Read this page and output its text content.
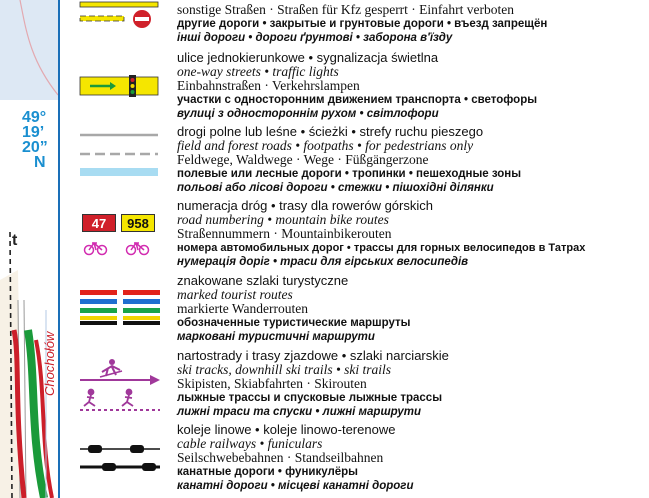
49°
19’
20”
N
t
Chochołów
sonstige Straßen · Straßen für Kfz gesperrt · Einfahrt verboten
другие дороги • закрытые и грунтовые дороги • въезд запрещён
інші дороги • дороги ґрунтові • заборона в'їзду
ulice jednokierunkowe • sygnalizacja świetlna
one-way streets • traffic lights
Einbahnstraßen · Verkehrslampen
участки с односторонним движением транспорта • светофоры
вулиці з одностороннім рухом • світлофори
drogi polne lub leśne • ścieżki • strefy ruchu pieszego
field and forest roads • footpaths • for pedestrians only
Feldwege, Waldwege · Wege · Füßgängerzone
полевые или лесные дороги • тропинки • пешеходные зоны
польові або лісові дороги • стежки • пішохідні ділянки
47	958
numeracja dróg • trasy dla rowerów górskich
road numbering • mountain bike routes
Straßennummern · Mountainbikerouten
номера автомобильных дорог • трассы для горных велосипедов в Татрах
нумерація доріг • траси для гірських велосипедів
znakowane szlaki turystyczne
marked tourist routes
markierte Wanderrouten
обозначенные туристические маршруты
марковані туристичні маршрути
nartostrady i trasy zjazdowe • szlaki narciarskie
ski tracks, downhill ski trails • ski trails
Skipisten, Skiabfahrten · Skirouten
лыжные трассы и спусковые лыжные трассы
лижні траси та спуски • лижні маршрути
koleje linowe • koleje linowo-terenowe
cable railways • funiculars
Seilschwebebahnen · Standseilbahnen
канатные дороги • фуникулёры
канатні дороги • місцеві канатні дороги
